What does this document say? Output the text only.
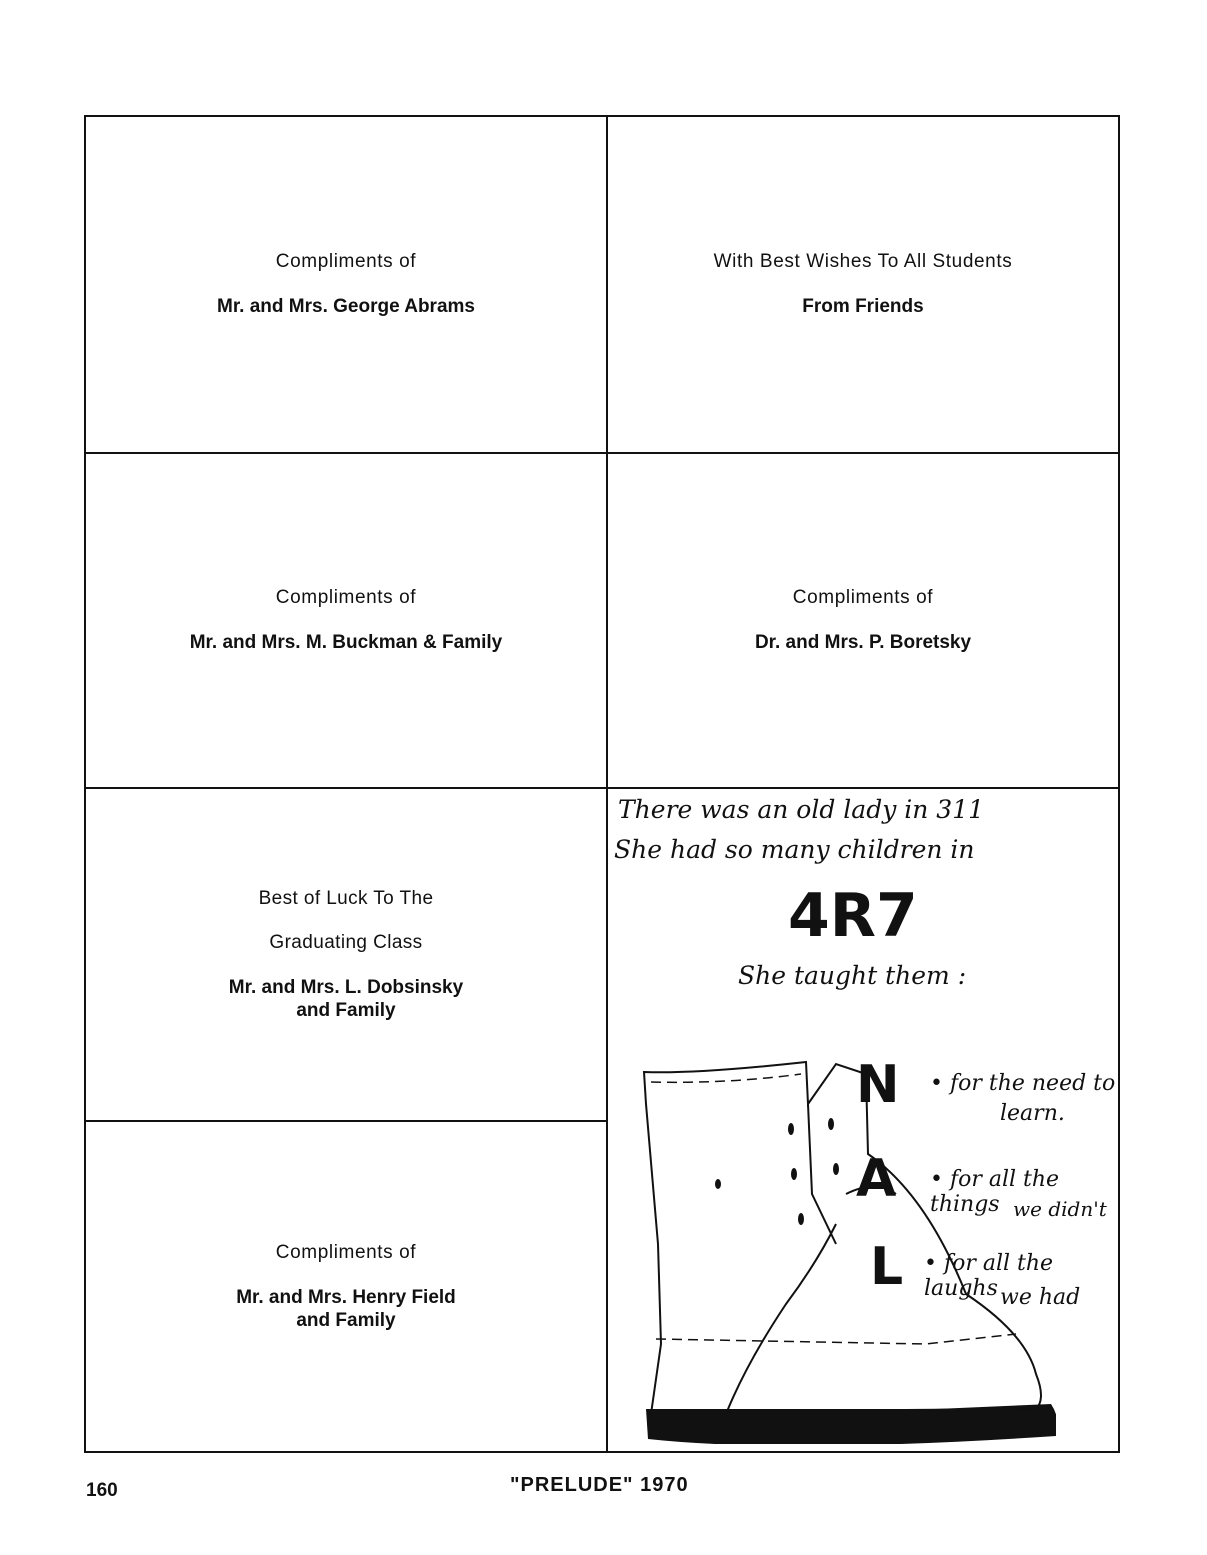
Compliments of
Mr. and Mrs. George Abrams
With Best Wishes To All Students
From Friends
Compliments of
Mr. and Mrs. M. Buckman & Family
Compliments of
Dr. and Mrs. P. Boretsky
Best of Luck To The
Graduating Class
Mr. and Mrs. L. Dobsinsky
and Family
Compliments of
Mr. and Mrs. Henry Field
and Family
There was an old lady in 311
She had so many children in
4R7
She taught them :
N • for the need to
learn.
A • for all the things we didn't
L • for all the laughs we had
160	"PRELUDE" 1970
